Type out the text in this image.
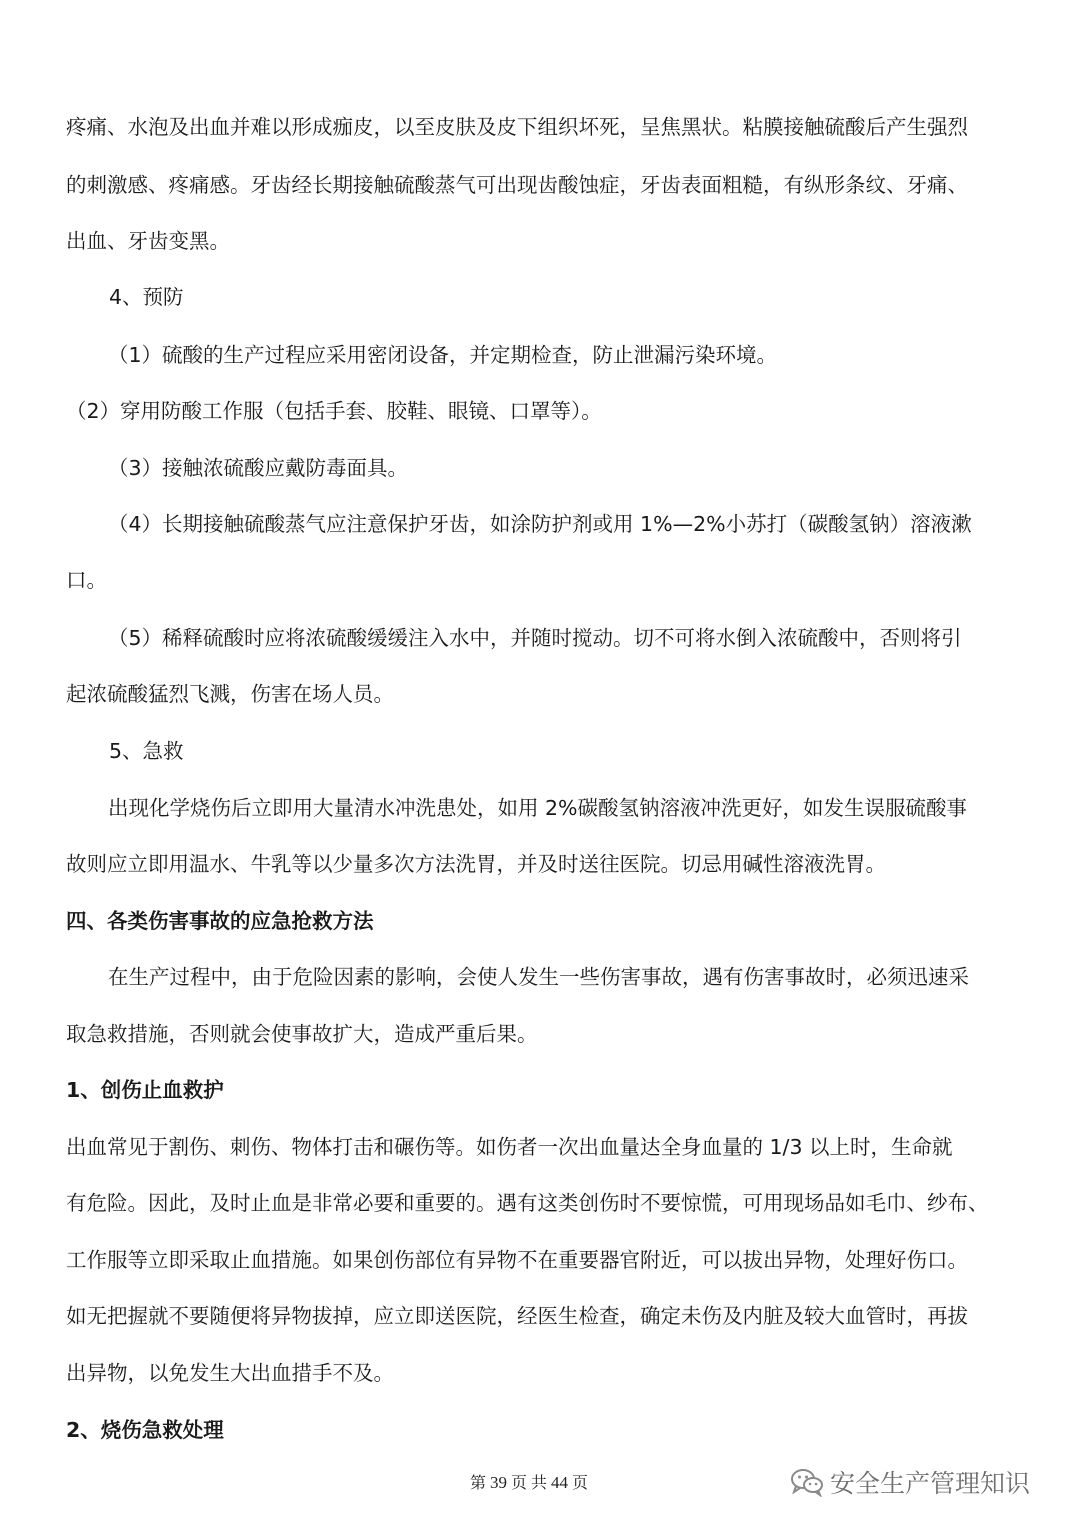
疼痛、水泡及出血并难以形成痂皮，以至皮肤及皮下组织坏死，呈焦黑状。粘膜接触硫酸后产生强烈
的刺激感、疼痛感。牙齿经长期接触硫酸蒸气可出现齿酸蚀症，牙齿表面粗糙，有纵形条纹、牙痛、
出血、牙齿变黑。
4、预防
（1）硫酸的生产过程应采用密闭设备，并定期检查，防止泄漏污染环境。
（2）穿用防酸工作服（包括手套、胶鞋、眼镜、口罩等）。
（3）接触浓硫酸应戴防毒面具。
（4）长期接触硫酸蒸气应注意保护牙齿，如涂防护剂或用 1%—2%小苏打（碳酸氢钠）溶液漱
口。
（5）稀释硫酸时应将浓硫酸缓缓注入水中，并随时搅动。切不可将水倒入浓硫酸中，否则将引
起浓硫酸猛烈飞溅，伤害在场人员。
5、急救
出现化学烧伤后立即用大量清水冲洗患处，如用 2%碳酸氢钠溶液冲洗更好，如发生误服硫酸事
故则应立即用温水、牛乳等以少量多次方法洗胃，并及时送往医院。切忌用碱性溶液洗胃。
四、各类伤害事故的应急抢救方法
在生产过程中，由于危险因素的影响，会使人发生一些伤害事故，遇有伤害事故时，必须迅速采
取急救措施，否则就会使事故扩大，造成严重后果。
1、创伤止血救护
出血常见于割伤、刺伤、物体打击和碾伤等。如伤者一次出血量达全身血量的 1/3 以上时，生命就
有危险。因此，及时止血是非常必要和重要的。遇有这类创伤时不要惊慌，可用现场品如毛巾、纱布、
工作服等立即采取止血措施。如果创伤部位有异物不在重要器官附近，可以拔出异物，处理好伤口。
如无把握就不要随便将异物拔掉，应立即送医院，经医生检查，确定未伤及内脏及较大血管时，再拔
出异物，以免发生大出血措手不及。
2、烧伤急救处理
第 39 页 共 44 页	安全生产管理知识
